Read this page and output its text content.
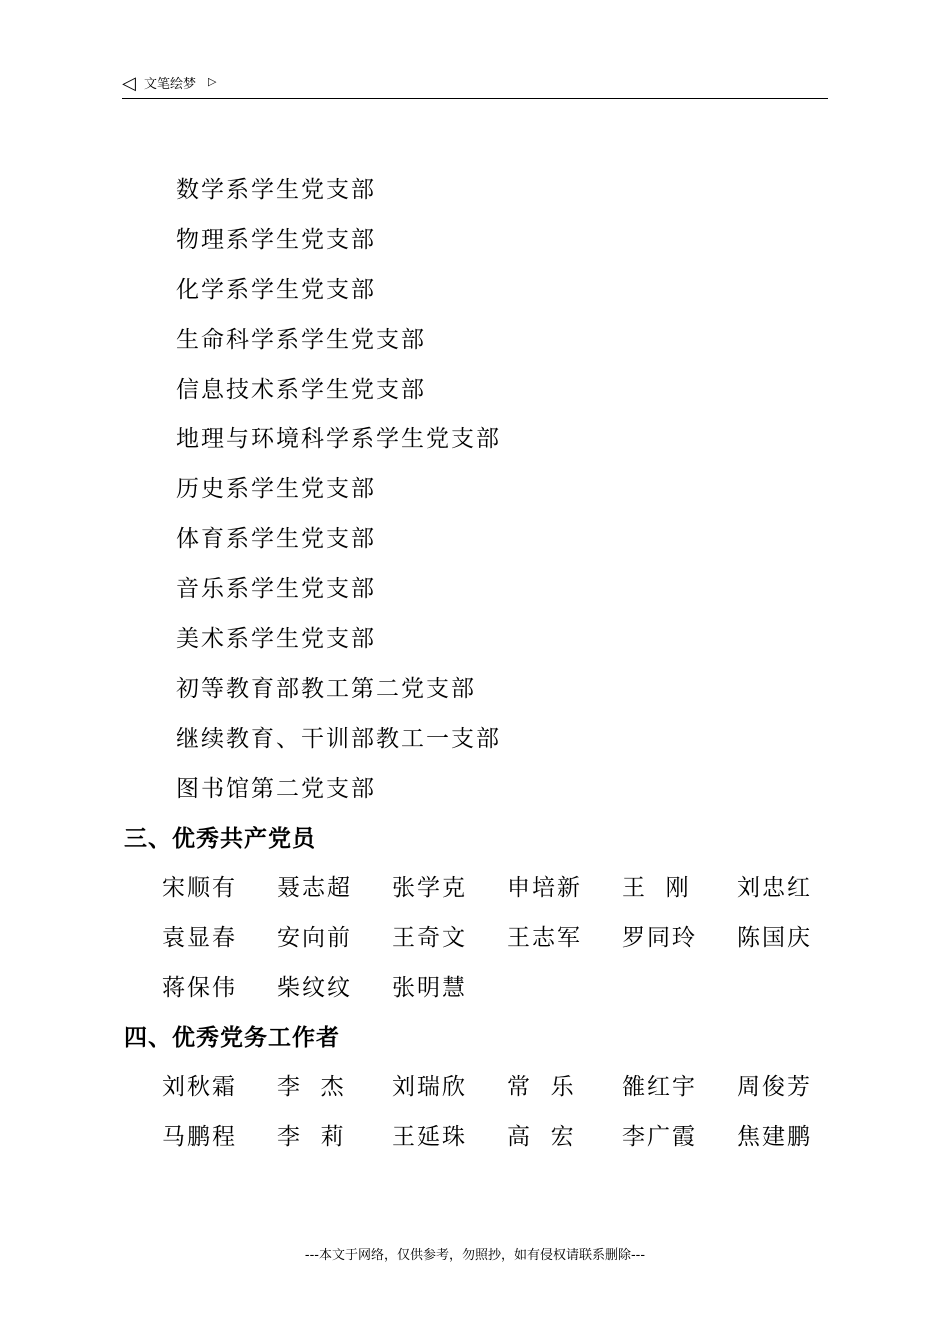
◁ 文笔绘梦 ▷
数学系学生党支部
物理系学生党支部
化学系学生党支部
生命科学系学生党支部
信息技术系学生党支部
地理与环境科学系学生党支部
历史系学生党支部
体育系学生党支部
音乐系学生党支部
美术系学生党支部
初等教育部教工第二党支部
继续教育、干训部教工一支部
图书馆第二党支部
三、优秀共产党员
宋顺有	聂志超	张学克	申培新	王  刚	刘忠红
袁显春	安向前	王奇文	王志军	罗同玲	陈国庆
蒋保伟	柴纹纹	张明慧
四、优秀党务工作者
刘秋霜	李  杰	刘瑞欣	常  乐	雒红宇	周俊芳
马鹏程	李  莉	王延珠	高  宏	李广霞	焦建鹏
---本文于网络，仅供参考，勿照抄，如有侵权请联系删除---
